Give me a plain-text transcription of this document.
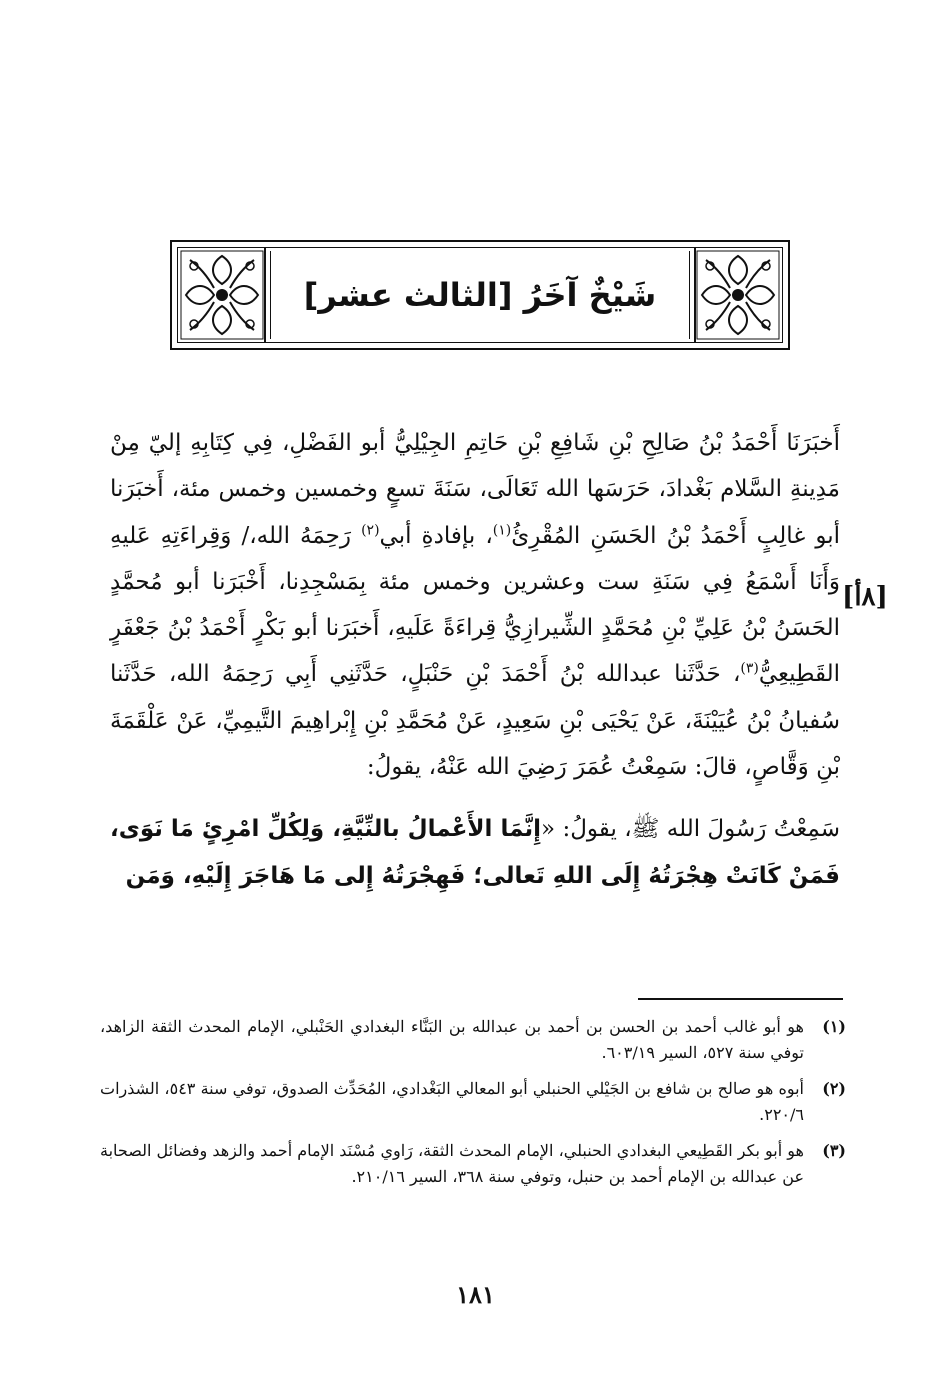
شَيْخٌ آخَرُ [الثالث عشر]

أَخبَرَنَا أَحْمَدُ بْنُ صَالِحِ بْنِ شَافِعِ بْنِ حَاتِمِ الجِيْلِيُّ أبو الفَضْلِ، فِي كِتَابِهِ إليّ مِنْ مَدِينةِ السَّلام بَغْدادَ، حَرَسَها الله تَعَالَى، سَنَةَ تسعٍ وخمسين وخمس مئة، أَخبَرَنا أبو غالِبٍ أَحْمَدُ بْنُ الحَسَنِ المُقْرِئُ$^{(١)}$، بإفادةِ أبي$^{(٢)}$ رَحِمَهُ الله،/ وَقِراءَتِهِ عَليهِ وَأَنَا أَسْمَعُ فِي سَنَةِ ست وعشرين وخمس مئة بِمَسْجِدِنا، أَخْبَرَنا أبو مُحمَّدٍ الحَسَنُ بْنُ عَلِيِّ بْنِ مُحَمَّدٍ الشِّيرازِيُّ قِراءَةً عَلَيهِ، أَخبَرَنا أبو بَكْرٍ أَحْمَدُ بْنُ جَعْفَرٍ القَطِيعِيُّ$^{(٣)}$، حَدَّثَنا عبدالله بْنُ أَحْمَدَ بْنِ حَنْبَلٍ، حَدَّثَنِي أَبِي رَحِمَهُ الله، حَدَّثَنا سُفيانُ بْنُ عُيَيْنَةَ، عَنْ يَحْيَى بْنِ سَعِيدٍ، عَنْ مُحَمَّدِ بْنِ إِبْراهِيمَ التَّيمِيِّ، عَنْ عَلْقَمَةَ بْنِ وَقَّاصٍ، قالَ: سَمِعْتُ عُمَرَ رَضِيَ الله عَنْهُ، يقولُ:

سَمِعْتُ رَسُولَ الله ﷺ، يقولُ: «إِنَّمَا الأَعْمالُ بالنِّيَّةِ، وَلِكُلِّ امْرِئٍ مَا نَوَى، فَمَنْ كَانَتْ هِجْرَتُهُ إِلَى اللهِ تَعالى؛ فَهِجْرَتُهُ إِلى مَا هَاجَرَ إِلَيْهِ، وَمَن

[٨أ]
(١)
هو أبو غالب أحمد بن الحسن بن أحمد بن عبدالله بن البَنَّاء البغدادي الحَنْبلي، الإمام المحدث الثقة الزاهد، توفي سنة ٥٢٧، السير ٦٠٣/١٩.
(٢)
أبوه هو صالح بن شافع بن الجَيْلي الحنبلي أبو المعالي البَغْدادي، المُحَدِّث الصدوق، توفي سنة ٥٤٣، الشذرات ٢٢٠/٦.
(٣)
هو أبو بكر القَطِيعي البغدادي الحنبلي، الإمام المحدث الثقة، رَاوي مُسْنَد الإمام أحمد والزهد وفضائل الصحابة عن عبدالله بن الإمام أحمد بن حنبل، وتوفي سنة ٣٦٨، السير ٢١٠/١٦.
١٨١
